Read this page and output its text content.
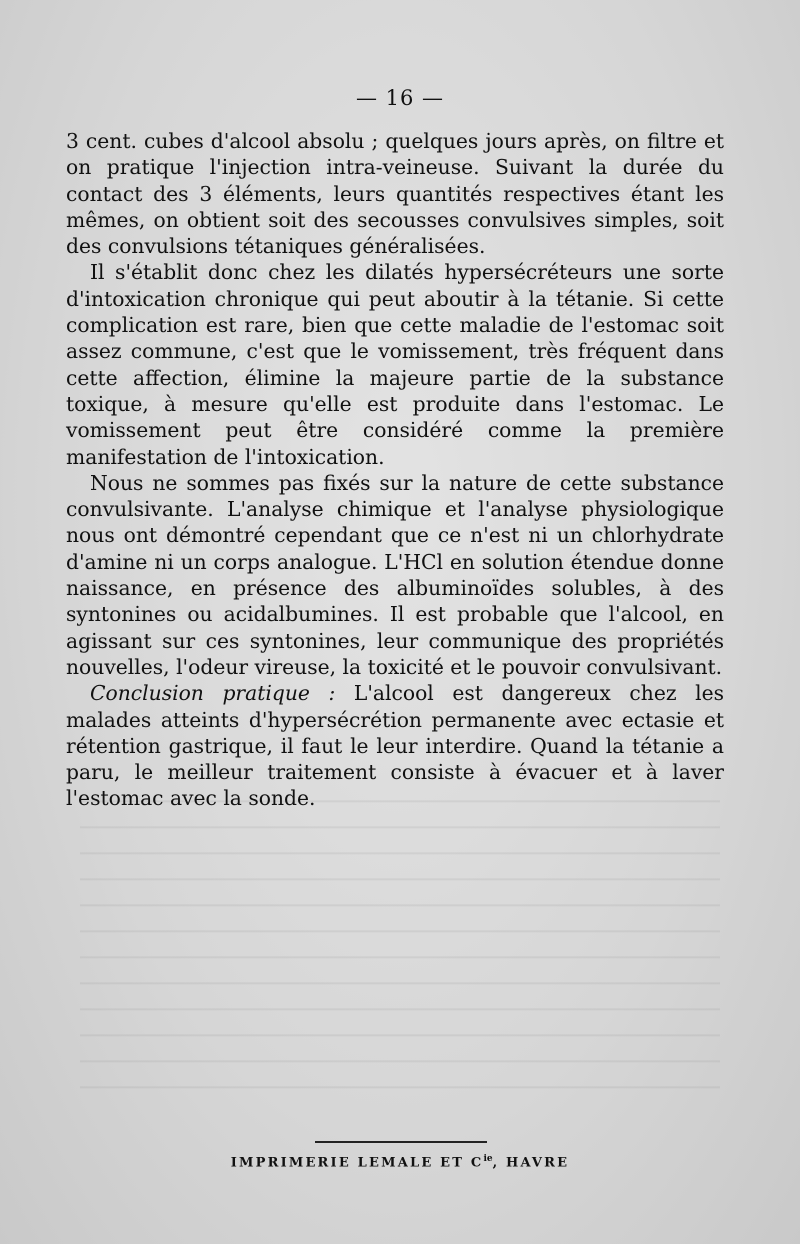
— 16 —

3 cent. cubes d'alcool absolu ; quelques jours après, on filtre et on pratique l'injection intra-veineuse. Suivant la durée du contact des 3 éléments, leurs quantités respectives étant les mêmes, on obtient soit des secousses convulsives simples, soit des convulsions tétaniques généralisées.

Il s'établit donc chez les dilatés hypersécréteurs une sorte d'intoxication chronique qui peut aboutir à la tétanie. Si cette complication est rare, bien que cette maladie de l'estomac soit assez commune, c'est que le vomissement, très fréquent dans cette affection, élimine la majeure partie de la substance toxique, à mesure qu'elle est produite dans l'estomac. Le vomissement peut être considéré comme la première manifestation de l'intoxication.

Nous ne sommes pas fixés sur la nature de cette substance convulsivante. L'analyse chimique et l'analyse physiologique nous ont démontré cependant que ce n'est ni un chlorhydrate d'amine ni un corps analogue. L'HCl en solution étendue donne naissance, en présence des albuminoïdes solubles, à des syntonines ou acidalbumines. Il est probable que l'alcool, en agissant sur ces syntonines, leur communique des propriétés nouvelles, l'odeur vireuse, la toxicité et le pouvoir convulsivant.

Conclusion pratique : L'alcool est dangereux chez les malades atteints d'hypersécrétion permanente avec ectasie et rétention gastrique, il faut le leur interdire. Quand la tétanie a paru, le meilleur traitement consiste à évacuer et à laver l'estomac avec la sonde.

IMPRIMERIE LEMALE ET $C^{ie}$, HAVRE
